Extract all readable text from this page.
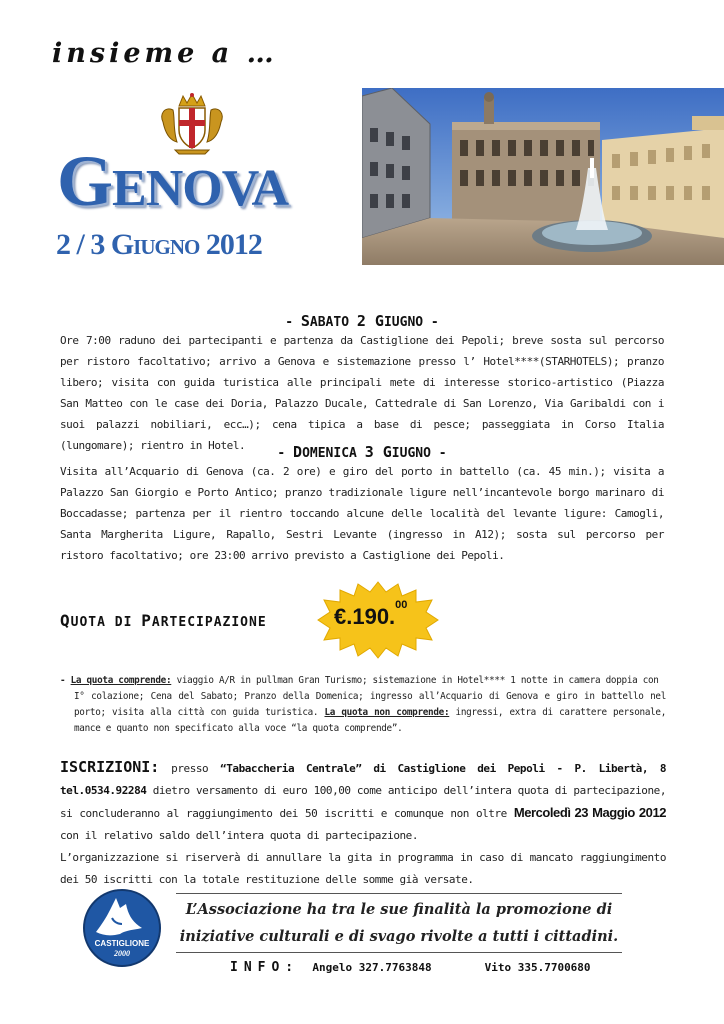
insieme a …
GENOVA
2 / 3 GIUGNO 2012
- SABATO 2 GIUGNO -
Ore 7:00 raduno dei partecipanti e partenza da Castiglione dei Pepoli; breve sosta sul percorso per ristoro facoltativo; arrivo a Genova e sistemazione presso l’ Hotel****(STARHOTELS); pranzo libero; visita con guida turistica alle principali mete di interesse storico-artistico (Piazza San Matteo con le case dei Doria, Palazzo Ducale, Cattedrale di San Lorenzo, Via Garibaldi con i suoi palazzi nobiliari, ecc…); cena tipica a base di pesce; passeggiata in Corso Italia (lungomare); rientro in Hotel.
- DOMENICA 3 GIUGNO -
Visita all’Acquario di Genova (ca. 2 ore) e giro del porto in battello (ca. 45 min.); visita a Palazzo San Giorgio e Porto Antico; pranzo tradizionale ligure nell’incantevole borgo marinaro di Boccadasse; partenza per il rientro toccando alcune delle località del levante ligure: Camogli, Santa Margherita Ligure, Rapallo, Sestri Levante (ingresso in A12); sosta sul percorso per ristoro facoltativo; ore 23:00 arrivo previsto a Castiglione dei Pepoli.
QUOTA DI PARTECIPAZIONE	€.190.00
- La quota comprende: viaggio A/R in pullman Gran Turismo; sistemazione in Hotel**** 1 notte in camera doppia con
I° colazione; Cena del Sabato; Pranzo della Domenica; ingresso all’Acquario di Genova e giro in battello nel porto; visita alla città con guida turistica. La quota non comprende: ingressi, extra di carattere personale, mance e quanto non specificato alla voce “la quota comprende”.
ISCRIZIONI: presso “Tabaccheria Centrale” di Castiglione dei Pepoli - P. Libertà, 8 tel.0534.92284 dietro versamento di euro 100,00 come anticipo dell’intera quota di partecipazione, si concluderanno al raggiungimento dei 50 iscritti e comunque non oltre Mercoledì 23 Maggio 2012 con il relativo saldo dell’intera quota di partecipazione.
L’organizzazione si riserverà di annullare la gita in programma in caso di mancato raggiungimento dei 50 iscritti con la totale restituzione delle somme già versate.
CASTIGLIONE
2000
L’Associazione ha tra le sue finalità la promozione di
iniziative culturali e di svago rivolte a tutti i cittadini.
INFO: Angelo 327.7763848	Vito 335.7700680
